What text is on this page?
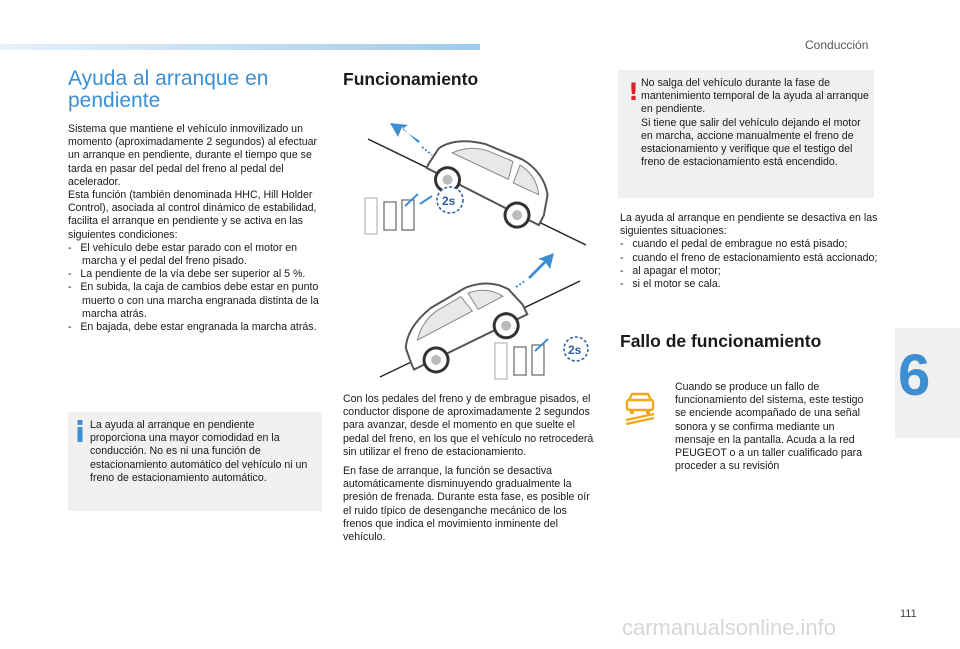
Conducción
Ayuda al arranque en pendiente

Sistema que mantiene el vehículo inmovilizado un momento (aproximadamente 2 segundos) al efectuar un arranque en pendiente, durante el tiempo que se tarda en pasar del pedal del freno al pedal del acelerador.

Esta función (también denominada HHC, Hill Holder Control), asociada al control dinámico de estabilidad, facilita el arranque en pendiente y se activa en las siguientes condiciones:

-   El vehículo debe estar parado con el motor en marcha y el pedal del freno pisado.
-   La pendiente de la vía debe ser superior al 5 %.
-   En subida, la caja de cambios debe estar en punto muerto o con una marcha engranada distinta de la marcha atrás.
-   En bajada, debe estar engranada la marcha atrás.
La ayuda al arranque en pendiente proporciona una mayor comodidad en la conducción. No es ni una función de estacionamiento automático del vehículo ni un freno de estacionamiento automático.
Funcionamiento
2s
2s

Con los pedales del freno y de embrague pisados, el conductor dispone de aproximadamente 2 segundos para avanzar, desde el momento en que suelte el pedal del freno, en los que el vehículo no retrocederá sin utilizar el freno de estacionamiento.

En fase de arranque, la función se desactiva automáticamente disminuyendo gradualmente la presión de frenada. Durante esta fase, es posible oír el ruido típico de desenganche mecánico de los frenos que indica el movimiento inminente del vehículo.

! No salga del vehículo durante la fase de mantenimiento temporal de la ayuda al arranque en pendiente.
Si tiene que salir del vehículo dejando el motor en marcha, accione manualmente el freno de estacionamiento y verifique que el testigo del freno de estacionamiento está encendido.

La ayuda al arranque en pendiente se desactiva en las siguientes situaciones:

-   cuando el pedal de embrague no está pisado;
-   cuando el freno de estacionamiento está accionado;
-   al apagar el motor;
-   si el motor se cala.
Fallo de funcionamiento
Cuando se produce un fallo de funcionamiento del sistema, este testigo se enciende acompañado de una señal sonora y se confirma mediante un mensaje en la pantalla. Acuda a la red PEUGEOT o a un taller cualificado para proceder a su revisión
6
111
carmanualsonline.info
